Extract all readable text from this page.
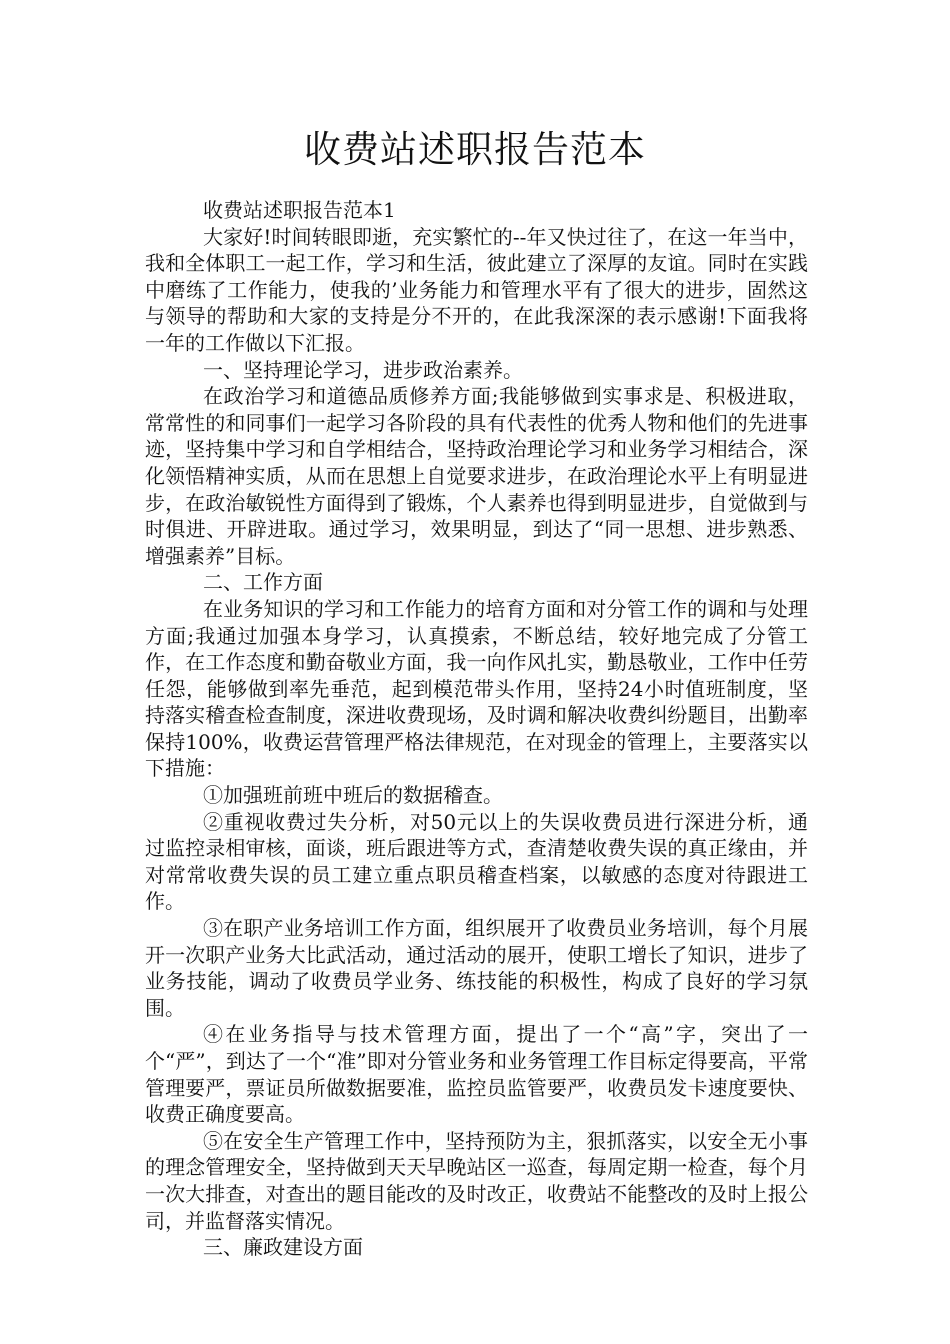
收费站述职报告范本

收费站述职报告范本1

大家好!时间转眼即逝，充实繁忙的--年又快过往了，在这一年当中，我和全体职工一起工作，学习和生活，彼此建立了深厚的友谊。同时在实践中磨练了工作能力，使我的’业务能力和管理水平有了很大的进步，固然这与领导的帮助和大家的支持是分不开的，在此我深深的表示感谢!下面我将一年的工作做以下汇报。

一、坚持理论学习，进步政治素养。

在政治学习和道德品质修养方面;我能够做到实事求是、积极进取，常常性的和同事们一起学习各阶段的具有代表性的优秀人物和他们的先进事迹，坚持集中学习和自学相结合，坚持政治理论学习和业务学习相结合，深化领悟精神实质，从而在思想上自觉要求进步，在政治理论水平上有明显进步，在政治敏锐性方面得到了锻炼，个人素养也得到明显进步，自觉做到与时俱进、开辟进取。通过学习，效果明显，到达了“同一思想、进步熟悉、增强素养”目标。

二、工作方面

在业务知识的学习和工作能力的培育方面和对分管工作的调和与处理方面;我通过加强本身学习，认真摸索，不断总结，较好地完成了分管工作，在工作态度和勤奋敬业方面，我一向作风扎实，勤恳敬业，工作中任劳任怨，能够做到率先垂范，起到模范带头作用，坚持24小时值班制度，坚持落实稽查检查制度，深进收费现场，及时调和解决收费纠纷题目，出勤率保持100%，收费运营管理严格法律规范，在对现金的管理上，主要落实以下措施：

①加强班前班中班后的数据稽查。

②重视收费过失分析，对50元以上的失误收费员进行深进分析，通过监控录相审核，面谈，班后跟进等方式，查清楚收费失误的真正缘由，并对常常收费失误的员工建立重点职员稽查档案，以敏感的态度对待跟进工作。

③在职产业务培训工作方面，组织展开了收费员业务培训，每个月展开一次职产业务大比武活动，通过活动的展开，使职工增长了知识，进步了业务技能，调动了收费员学业务、练技能的积极性，构成了良好的学习氛围。

④在业务指导与技术管理方面，提出了一个“高”字，突出了一个“严”，到达了一个“准”即对分管业务和业务管理工作目标定得要高，平常管理要严，票证员所做数据要准，监控员监管要严，收费员发卡速度要快、收费正确度要高。

⑤在安全生产管理工作中，坚持预防为主，狠抓落实，以安全无小事的理念管理安全，坚持做到天天早晚站区一巡查，每周定期一检查，每个月一次大排查，对查出的题目能改的及时改正，收费站不能整改的及时上报公司，并监督落实情况。

三、廉政建设方面
